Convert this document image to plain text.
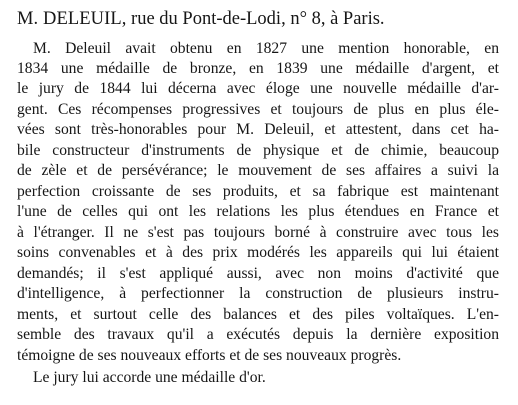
M. DELEUIL, rue du Pont-de-Lodi, n° 8, à Paris.
M. Deleuil avait obtenu en 1827 une mention honorable, en
1834 une médaille de bronze, en 1839 une médaille d'argent, et
le jury de 1844 lui décerna avec éloge une nouvelle médaille d'ar-
gent. Ces récompenses progressives et toujours de plus en plus éle-
vées sont très-honorables pour M. Deleuil, et attestent, dans cet ha-
bile constructeur d'instruments de physique et de chimie, beaucoup
de zèle et de persévérance; le mouvement de ses affaires a suivi la
perfection croissante de ses produits, et sa fabrique est maintenant
l'une de celles qui ont les relations les plus étendues en France et
à l'étranger. Il ne s'est pas toujours borné à construire avec tous les
soins convenables et à des prix modérés les appareils qui lui étaient
demandés; il s'est appliqué aussi, avec non moins d'activité que
d'intelligence, à perfectionner la construction de plusieurs instru-
ments, et surtout celle des balances et des piles voltaïques. L'en-
semble des travaux qu'il a exécutés depuis la dernière exposition
témoigne de ses nouveaux efforts et de ses nouveaux progrès.
Le jury lui accorde une médaille d'or.
